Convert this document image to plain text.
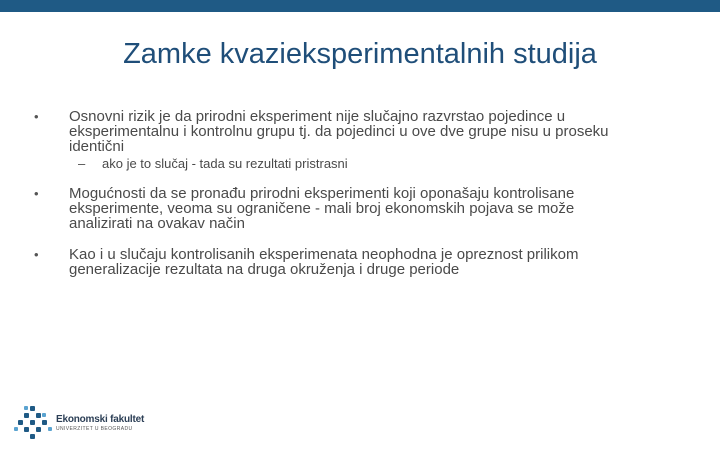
Zamke kvazieksperimentalnih studija
• Osnovni rizik je da prirodni eksperiment nije slučajno razvrstao pojedince u
eksperimentalnu i kontrolnu grupu tj. da pojedinci u ove dve grupe nisu u proseku
identični
– ako je to slučaj - tada su rezultati pristrasni
• Mogućnosti da se pronađu prirodni eksperimenti koji oponašaju kontrolisane
eksperimente, veoma su ograničene - mali broj ekonomskih pojava se može
analizirati na ovakav način
• Kao i u slučaju kontrolisanih eksperimenata neophodna je opreznost prilikom
generalizacije rezultata na druga okruženja i druge periode
Ekonomski fakultet
UNIVERZITET U BEOGRADU
